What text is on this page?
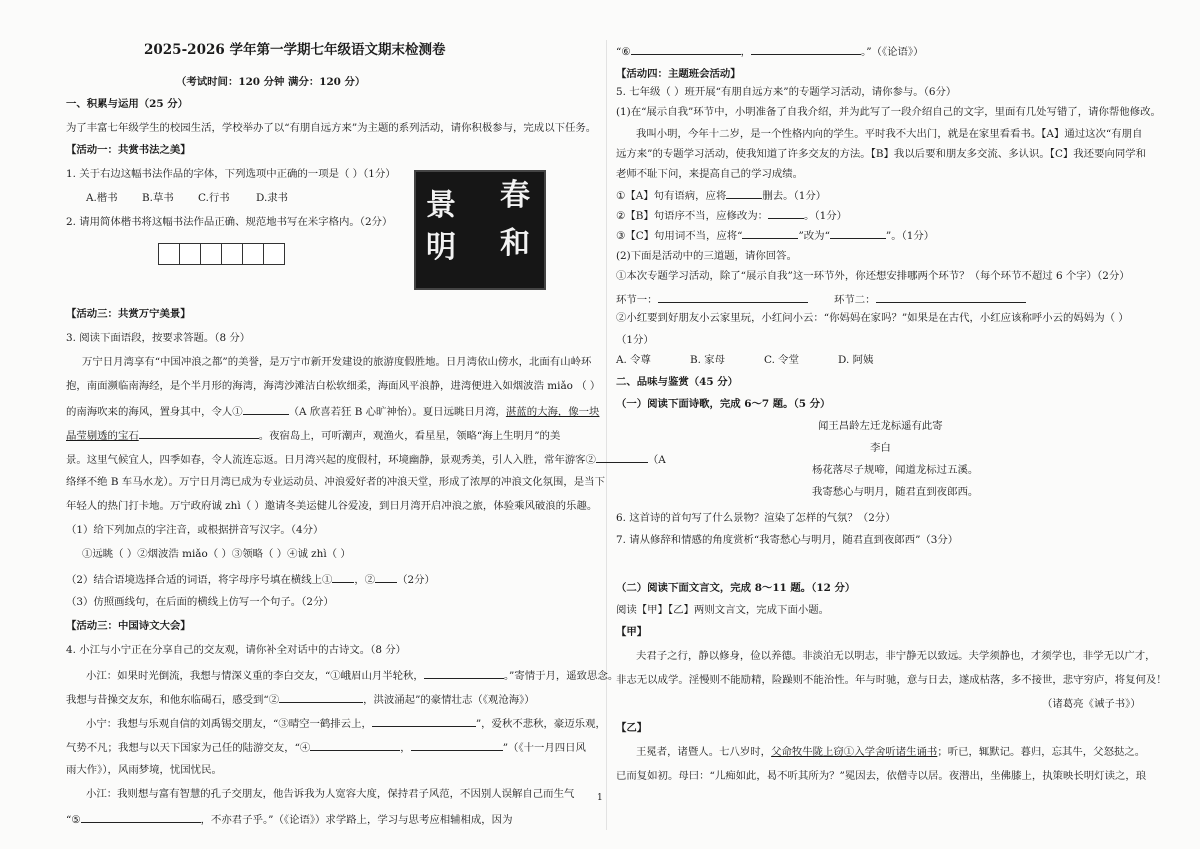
2025-2026 学年第一学期七年级语文期末检测卷
（考试时间：120 分钟 满分：120 分）
一、积累与运用（25 分）
为了丰富七年级学生的校园生活，学校举办了以“有朋自远方来”为主题的系列活动，请你积极参与，完成以下任务。
【活动一：共赏书法之美】
1. 关于右边这幅书法作品的字体，下列选项中正确的一项是（ ）（1分）
A.楷书 B.草书 C.行书	D.隶书
2. 请用简体楷书将这幅书法作品正确、规范地书写在米字格内。（2分）
【活动三：共赏万宁美景】
3. 阅读下面语段，按要求答题。（8 分）
万宁日月湾享有“中国冲浪之都”的美誉，是万宁市新开发建设的旅游度假胜地。日月湾依山傍水，北面有山岭环
抱，南面濒临南海经，是个半月形的海湾，海湾沙滩洁白松软细柔，海面风平浪静，进湾便进入如烟波浩 miǎo （ ）
的南海吹来的海风，置身其中，令人①	（A 欣喜若狂 B 心旷神怡）。夏日远眺日月湾，湛蓝的大海，像一块
晶莹剔透的宝石	。夜宿岛上，可听潮声，观渔火，看星星，领略“海上生明月”的美
景。这里气候宜人，四季如春，令人流连忘返。日月湾兴起的度假村，环境幽静，景观秀美，引人入胜，常年游客②	（A
络绎不绝 B 车马水龙）。万宁日月湾已成为专业运动员、冲浪爱好者的冲浪天堂，形成了浓厚的冲浪文化氛围，是当下
年轻人的热门打卡地。万宁政府诚 zhì（ ）邀请冬美运健儿谷爱凌，到日月湾开启冲浪之旅，体验乘风破浪的乐趣。
（1）给下列加点的字注音，或根据拼音写汉字。（4分）
①远眺（ ）②烟波浩 miǎo（ ）③领略（ ）④诚 zhì（ ）
（2）结合语境选择合适的词语，将字母序号填在横线上① ，② （2分）
（3）仿照画线句，在后面的横线上仿写一个句子。（2分）
【活动三：中国诗文大会】
4. 小江与小宁正在分享自己的交友观，请你补全对话中的古诗文。（8 分）
小江：如果时光倒流，我想与情深义重的李白交友，“①峨眉山月半轮秋，	。”寄情于月，遥致思念。
我想与昔操交友东，和他东临碣石，感受到“②	，洪波涌起”的豪情壮志（《观沧海》）
小宁：我想与乐观自信的刘禹锡交朋友，“③晴空一鹤排云上，	”，爱秋不悲秋，豪迈乐观，
气势不凡；我想与以天下国家为己任的陆游交友，“④	，	”（《十一月四日风
雨大作》），风雨梦境，忧国忧民。
小江：我则想与富有智慧的孔子交朋友，他告诉我为人宽容大度，保持君子风范，不因别人误解自己而生气
“⑤	，不亦君子乎。”（《论语》）求学路上，学习与思考应相辅相成，因为
景
明
春
和
1
“⑥	，	。”（《论语》）
【活动四：主题班会活动】
5. 七年级（ ）班开展“有朋自远方来”的专题学习活动，请你参与。（6分）
(1)在“展示自我”环节中，小明准备了自我介绍，并为此写了一段介绍自己的文字，里面有几处写错了，请你帮他修改。
我叫小明，今年十二岁，是一个性格内向的学生。平时我不大出门，就是在家里看看书。【A】通过这次“有朋自
远方来”的专题学习活动，使我知道了许多交友的方法。【B】我以后要和朋友多交流、多认识。【C】我还要向同学和
老师不耻下问，来提高自己的学习成绩。
①【A】句有语病，应将	删去。（1分）
②【B】句语序不当，应修改为：	。（1分）
③【C】句用词不当，应将“	”改为“	”。（1分）
(2)下面是活动中的三道题，请你回答。
①本次专题学习活动，除了“展示自我”这一环节外，你还想安排哪两个环节？（每个环节不超过 6 个字）（2分）
环节一：	环节二：
②小红要到好朋友小云家里玩，小红问小云：“你妈妈在家吗？”如果是在古代，小红应该称呼小云的妈妈为（ ）
（1分）
A. 令尊	B. 家母	C. 令堂	D. 阿姨
二、品味与鉴赏（45 分）
（一）阅读下面诗歌，完成 6～7 题。（5 分）
闻王昌龄左迁龙标遥有此寄
李白
杨花落尽子规啼，闻道龙标过五溪。
我寄愁心与明月，随君直到夜郎西。
6. 这首诗的首句写了什么景物？渲染了怎样的气氛？（2分）
7. 请从修辞和情感的角度赏析“我寄愁心与明月，随君直到夜郎西”（3分）
（二）阅读下面文言文，完成 8～11 题。（12 分）
阅读【甲】【乙】两则文言文，完成下面小题。
【甲】
夫君子之行，静以修身，俭以养德。非淡泊无以明志，非宁静无以致远。夫学须静也，才须学也，非学无以广才，
非志无以成学。淫慢则不能励精，险躁则不能治性。年与时驰，意与日去，遂成枯落，多不接世，悲守穷庐，将复何及！
（诸葛亮《诫子书》）
【乙】
王冕者，诸暨人。七八岁时，父命牧牛陇上窃①入学舍听诸生诵书；听已，辄默记。暮归，忘其牛，父怒挞之。
已而复如初。母曰：“儿痴如此，曷不听其所为？”冕因去，依僧寺以居。夜潜出，坐佛膝上，执策映长明灯读之，琅
